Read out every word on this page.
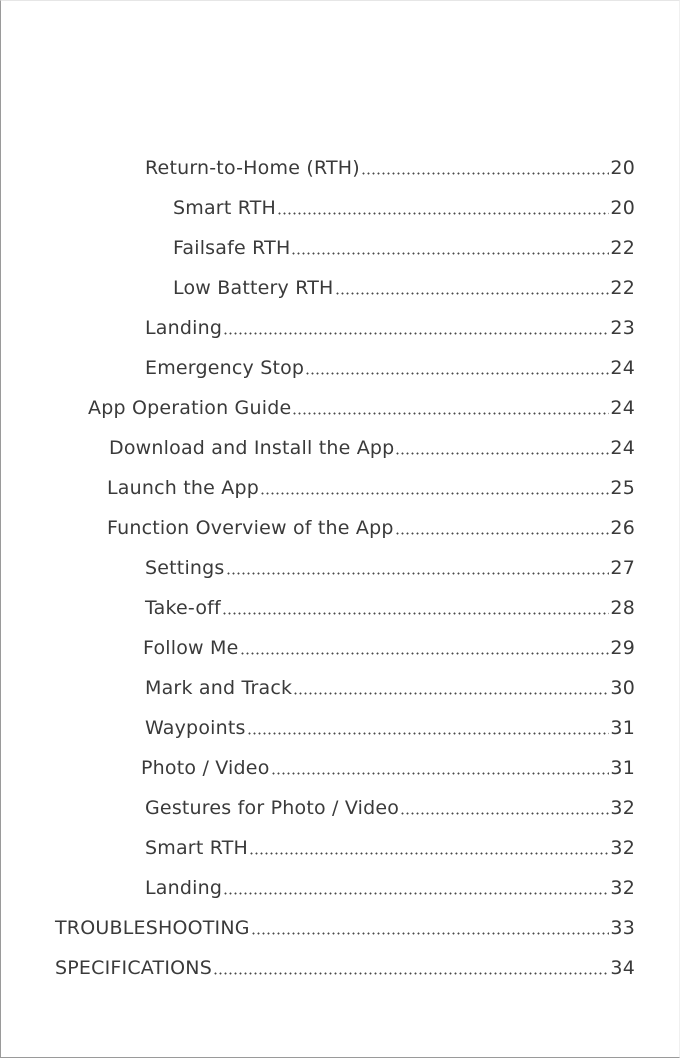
Return-to-Home (RTH)	20
Smart RTH	20
Failsafe RTH	22
Low Battery RTH	22
Landing	23
Emergency Stop	24
App Operation Guide	24
Download and Install the App	24
Launch the App	25
Function Overview of the App	26
Settings	27
Take-off	28
Follow Me	29
Mark and Track	30
Waypoints	31
Photo / Video	31
Gestures for Photo / Video	32
Smart RTH	32
Landing	32
TROUBLESHOOTING	33
SPECIFICATIONS	34
